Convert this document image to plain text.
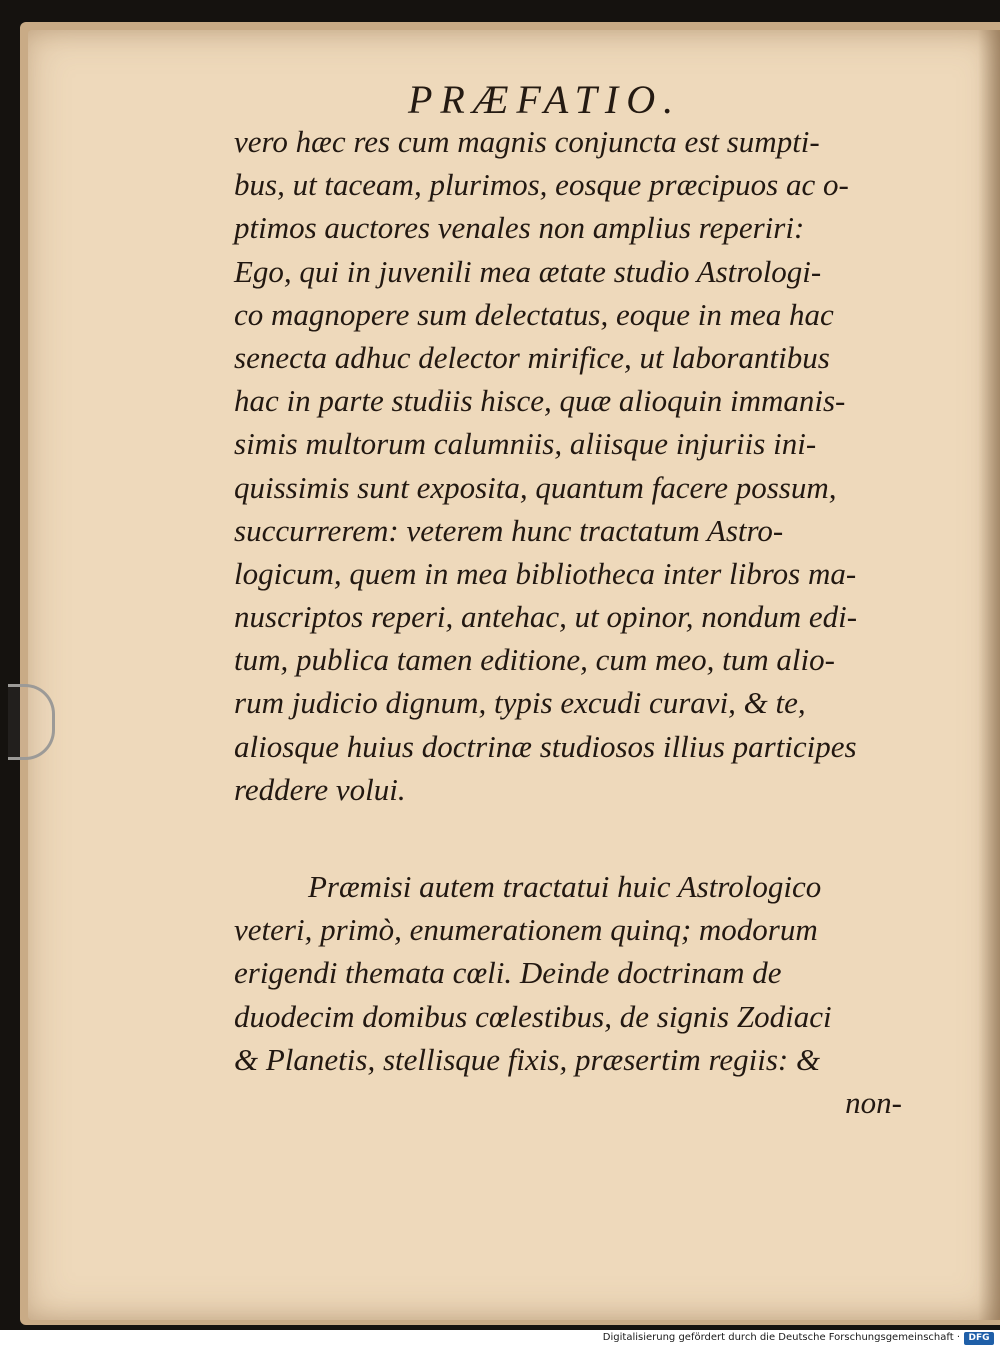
PRÆFATIO.
vero hæc res cum magnis conjuncta est sumpti-
bus, ut taceam, plurimos, eosque præcipuos ac o-
ptimos auctores venales non amplius reperiri:
Ego, qui in juvenili mea ætate studio Astrologi-
co magnopere sum delectatus, eoque in mea hac
senecta adhuc delector mirifice, ut laborantibus
hac in parte studiis hisce, quæ alioquin immanis-
simis multorum calumniis, aliisque injuriis ini-
quissimis sunt exposita, quantum facere possum,
succurrerem: veterem hunc tractatum Astro-
logicum, quem in mea bibliotheca inter libros ma-
nuscriptos reperi, antehac, ut opinor, nondum edi-
tum, publica tamen editione, cum meo, tum alio-
rum judicio dignum, typis excudi curavi, & te,
aliosque huius doctrinæ studiosos illius participes
reddere volui.
Præmisi autem tractatui huic Astrologico
veteri, primò, enumerationem quinq; modorum
erigendi themata cœli. Deinde doctrinam de
duodecim domibus cœlestibus, de signis Zodiaci
& Planetis, stellisque fixis, præsertim regiis: &
non-
Digitalisierung gefördert durch die Deutsche Forschungsgemeinschaft · DFG
